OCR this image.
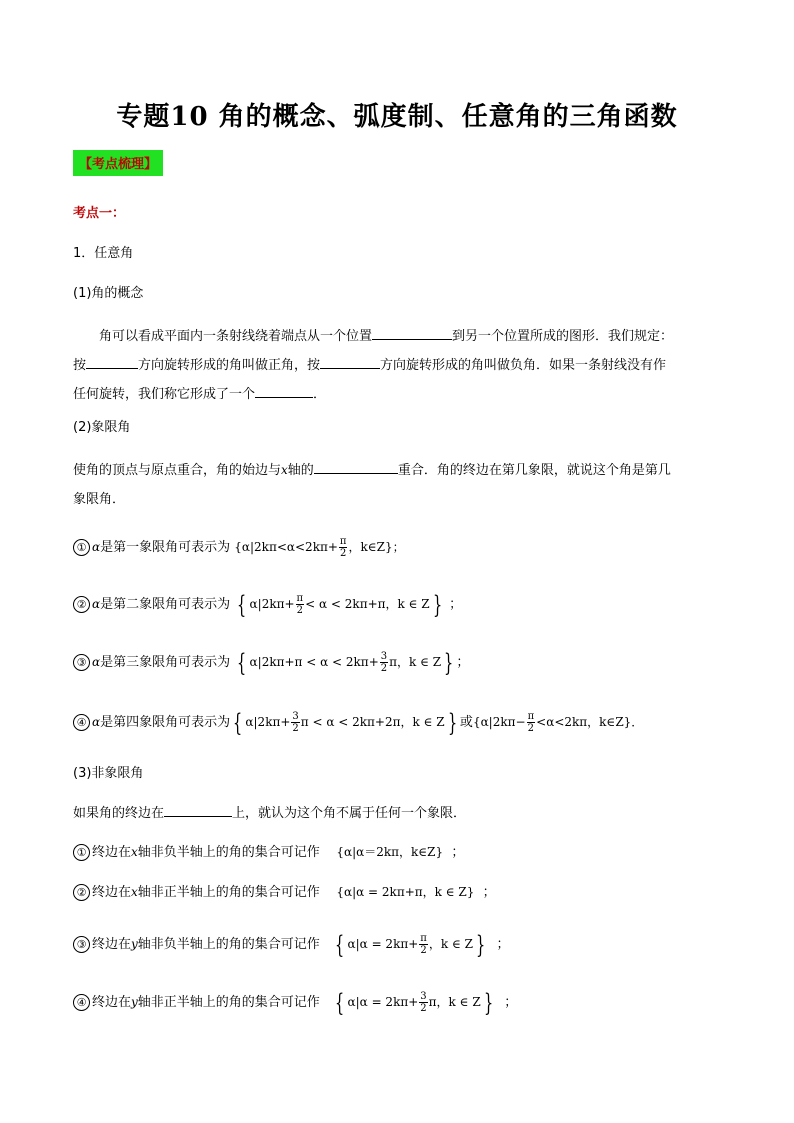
专题10 角的概念、弧度制、任意角的三角函数
【考点梳理】
考点一：
1．任意角
(1)角的概念
角可以看成平面内一条射线绕着端点从一个位置	到另一个位置所成的图形．我们规定：
按	方向旋转形成的角叫做正角，按	方向旋转形成的角叫做负角．如果一条射线没有作
任何旋转，我们称它形成了一个	．
(2)象限角
使角的顶点与原点重合，角的始边与x轴的	重合．角的终边在第几象限，就说这个角是第几
象限角．
① α是第一象限角可表示为 {$\alpha|2k\pi<\alpha<2k\pi+ \frac{\pi}{2}$ ，k∈Z}；
② α是第二象限角可表示为 { $\alpha|2k\pi+ \frac{\pi}{2} < \alpha < 2k\pi+\pi$，k ∈ Z } ；
③ α是第三象限角可表示为 { $\alpha|2k\pi+\pi < \alpha < 2k\pi+ \frac{3}{2}$ π，k ∈ Z } ；
④ α是第四象限角可表示为 { $\alpha|2k\pi+ \frac{3}{2}$ π < α < 2kπ+2π，k ∈ Z } 或{$\alpha|2k\pi- \frac{\pi}{2} <\alpha<2k\pi$，k∈Z}．
(3)非象限角
如果角的终边在	上，就认为这个角不属于任何一个象限．
① 终边在x轴非负半轴上的角的集合可记作 {α|α＝2kπ，k∈Z} ；
② 终边在x轴非正半轴上的角的集合可记作 {α|α = 2kπ+π，k ∈ Z} ；
③ 终边在y轴非负半轴上的角的集合可记作 { $\alpha|\alpha = 2k\pi+ \frac{\pi}{2}$ ，k ∈ Z } ；
④ 终边在y轴非正半轴上的角的集合可记作 { $\alpha|\alpha = 2k\pi+ \frac{3}{2}$ π，k ∈ Z } ；
